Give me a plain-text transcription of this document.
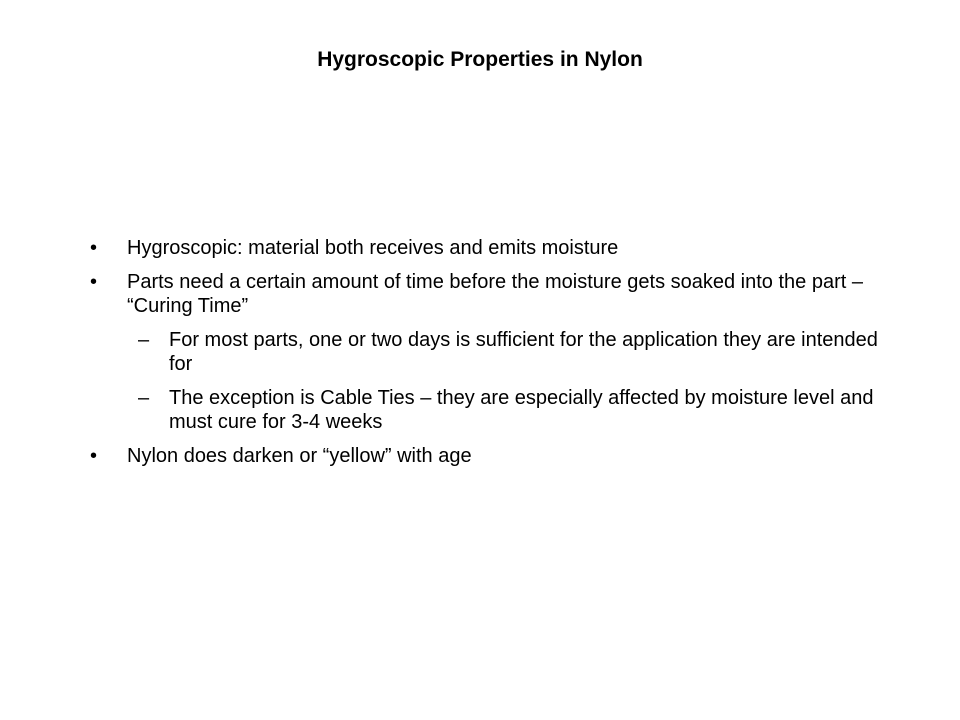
Hygroscopic Properties in Nylon
• Hygroscopic: material both receives and emits moisture
• Parts need a certain amount of time before the moisture gets soaked into the part – “Curing Time”
– For most parts, one or two days is sufficient for the application they are intended for
– The exception is Cable Ties – they are especially affected by moisture level and must cure for 3-4 weeks
• Nylon does darken or “yellow” with age
